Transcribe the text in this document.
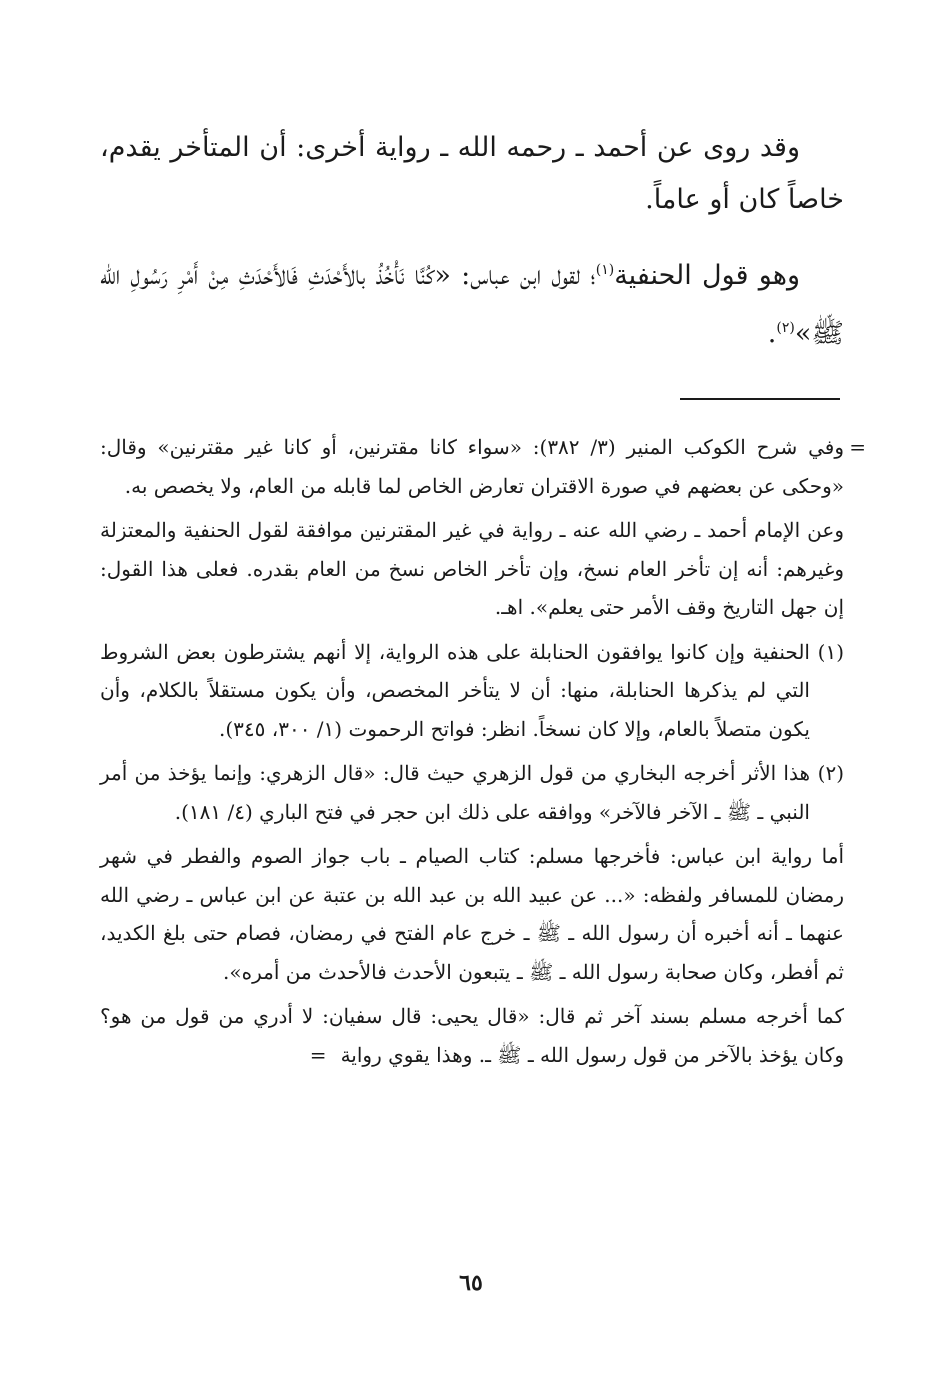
وقد روى عن أحمد ـ رحمه الله ـ رواية أخرى: أن المتأخر يقدم، خاصاً كان أو عاماً.

وهو قول الحنفية$^{(١)}$؛ لقول ابن عباس: «كُنَّا نَأْخُذُ بالأَحْدَثِ فَالأَحْدَثِ مِنْ أَمْرِ رَسُولِ الله ﷺ»$^{(٢)}$.

=
وفي شرح الكوكب المنير (٣/ ٣٨٢): «سواء كانا مقترنين، أو كانا غير مقترنين» وقال: «وحكى عن بعضهم في صورة الاقتران تعارض الخاص لما قابله من العام، ولا يخصص به.

وعن الإمام أحمد ـ رضي الله عنه ـ رواية في غير المقترنين موافقة لقول الحنفية والمعتزلة وغيرهم: أنه إن تأخر العام نسخ، وإن تأخر الخاص نسخ من العام بقدره. فعلى هذا القول: إن جهل التاريخ وقف الأمر حتى يعلم». اهـ.

(١)الحنفية وإن كانوا يوافقون الحنابلة على هذه الرواية، إلا أنهم يشترطون بعض الشروط التي لم يذكرها الحنابلة، منها: أن لا يتأخر المخصص، وأن يكون مستقلاً بالكلام، وأن يكون متصلاً بالعام، وإلا كان نسخاً. انظر: فواتح الرحموت (١/ ٣٠٠، ٣٤٥).

(٢)هذا الأثر أخرجه البخاري من قول الزهري حيث قال: «قال الزهري: وإنما يؤخذ من أمر النبي ـ ﷺ ـ الآخر فالآخر» ووافقه على ذلك ابن حجر في فتح الباري (٤/ ١٨١).

أما رواية ابن عباس: فأخرجها مسلم: كتاب الصيام ـ باب جواز الصوم والفطر في شهر رمضان للمسافر ولفظه: «... عن عبيد الله بن عبد الله بن عتبة عن ابن عباس ـ رضي الله عنهما ـ أنه أخبره أن رسول الله ـ ﷺ ـ خرج عام الفتح في رمضان، فصام حتى بلغ الكديد، ثم أفطر، وكان صحابة رسول الله ـ ﷺ ـ يتبعون الأحدث فالأحدث من أمره».

كما أخرجه مسلم بسند آخر ثم قال: «قال يحيى: قال سفيان: لا أدري من قول من هو؟ وكان يؤخذ بالآخر من قول رسول الله ـ ﷺ ـ. وهذا يقوي رواية=

٦٥
